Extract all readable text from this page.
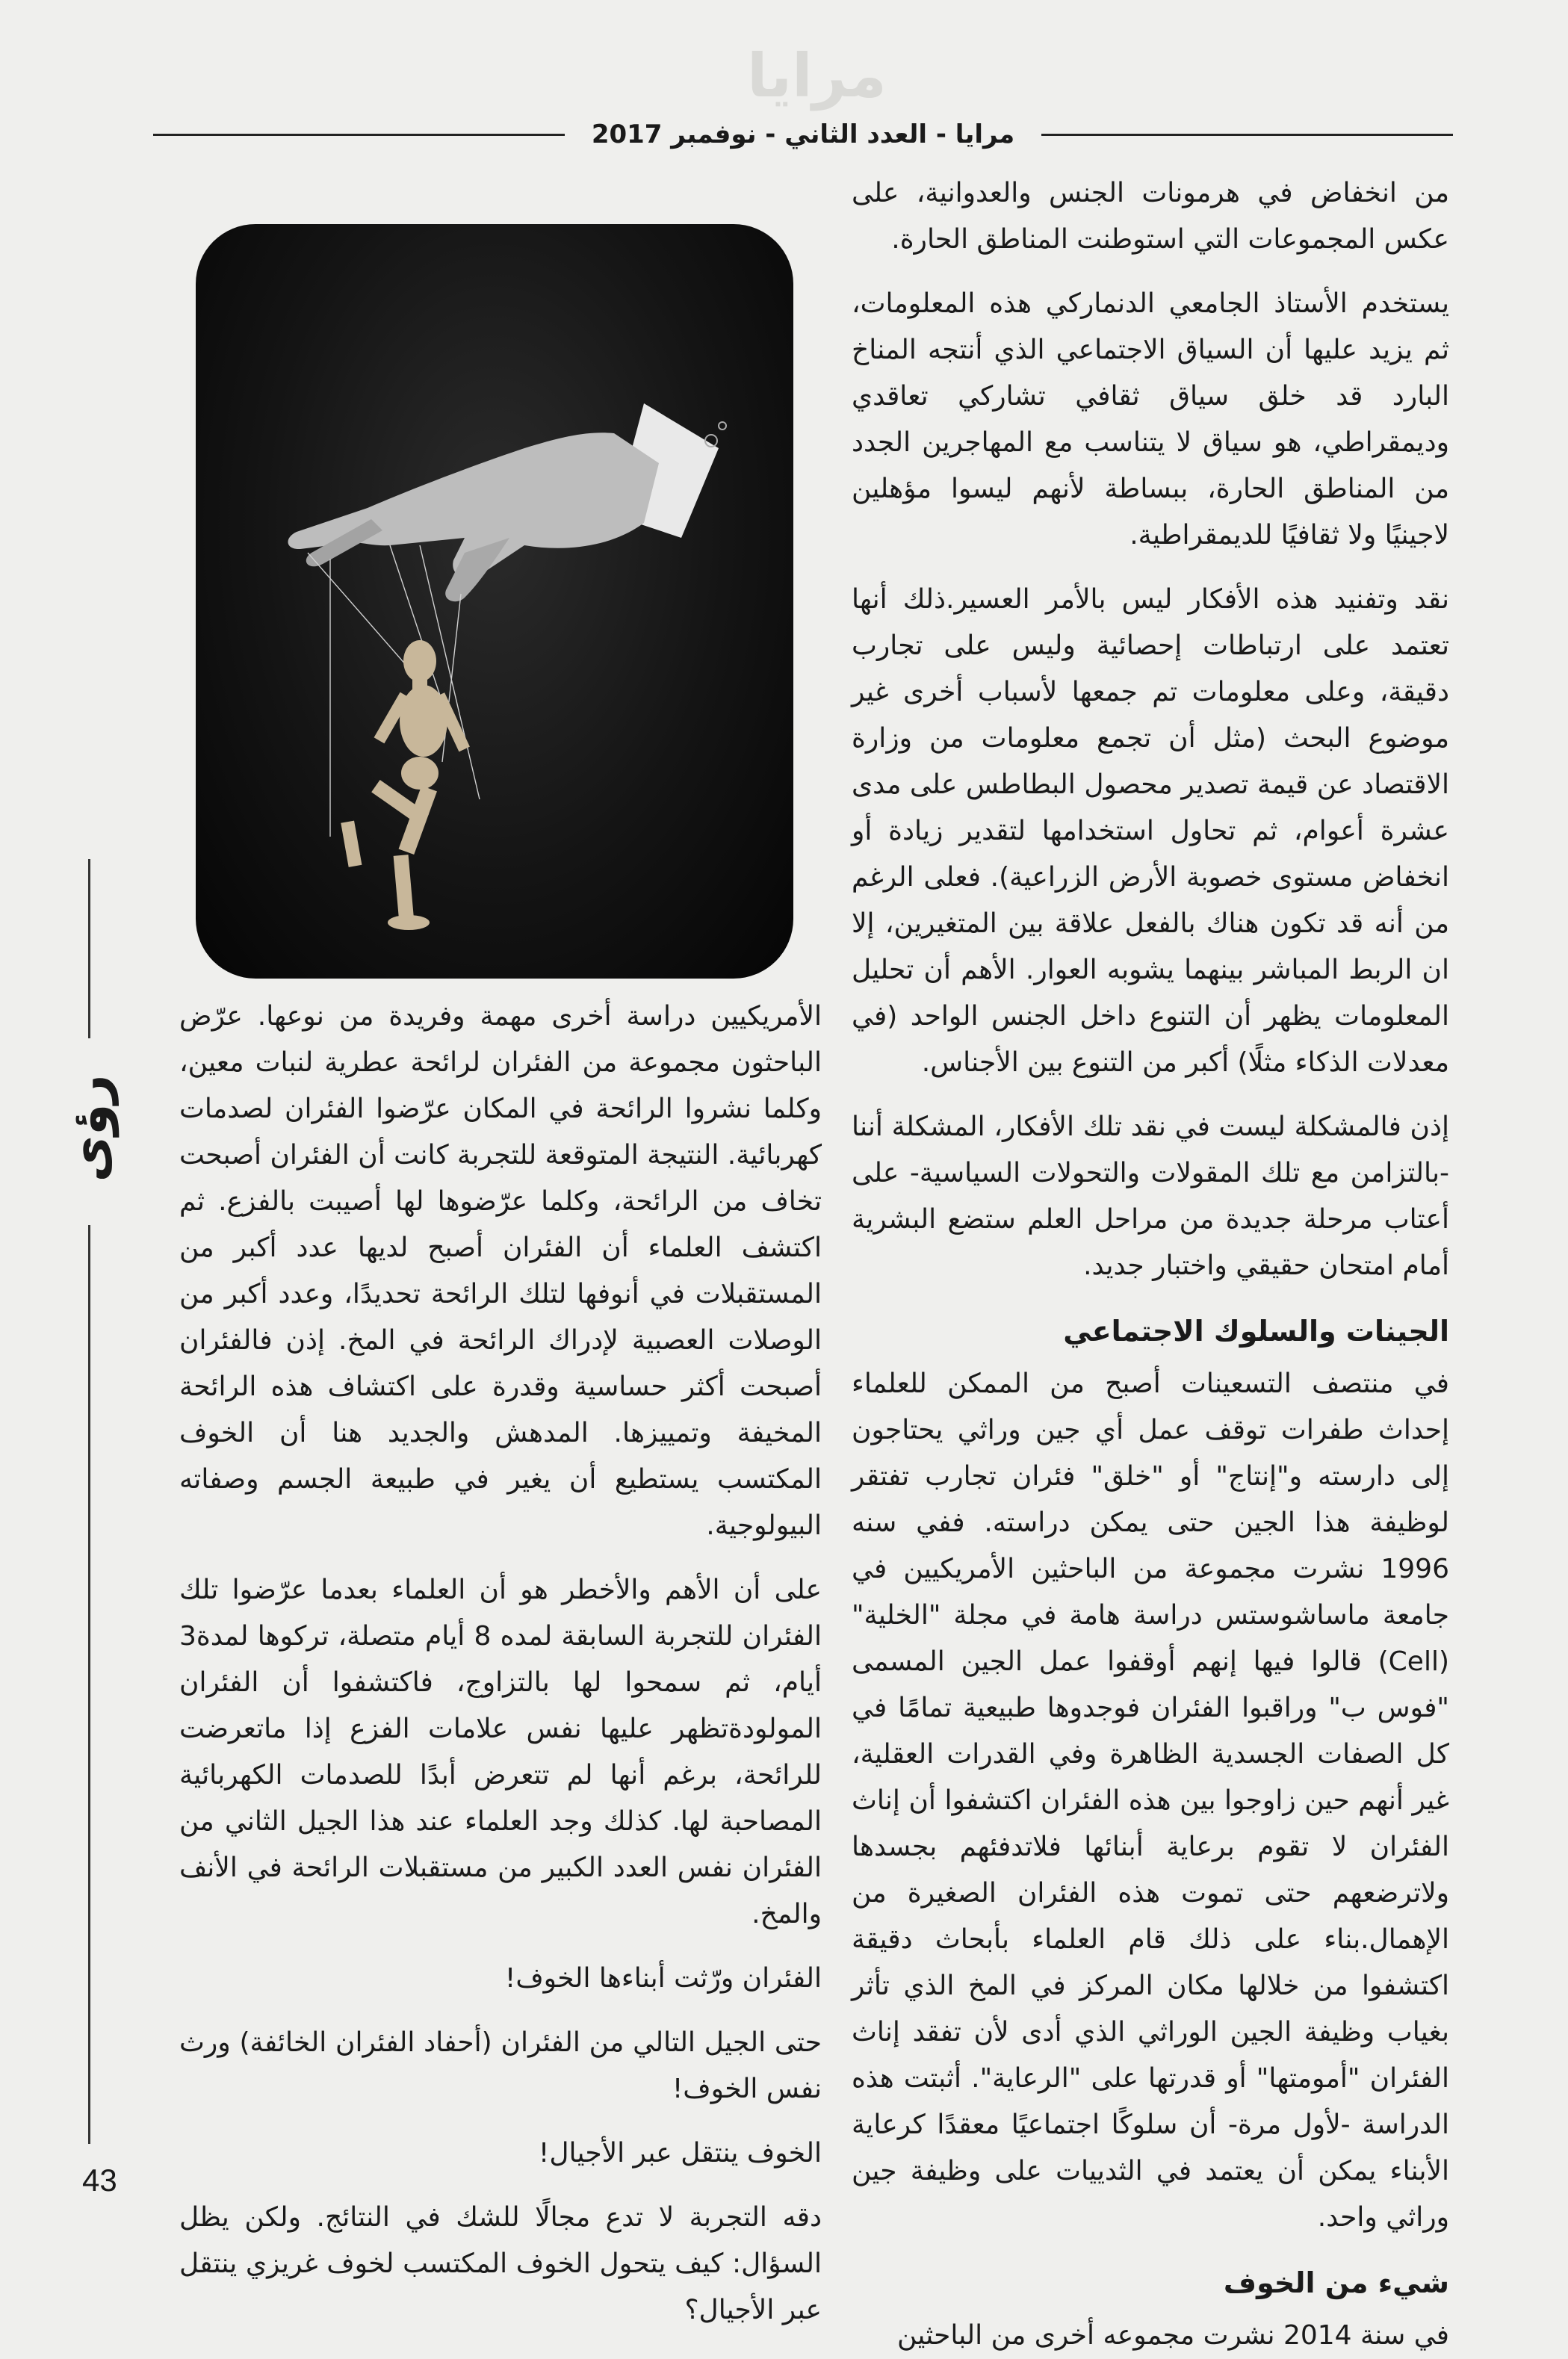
مرايا
مرايا - العدد الثاني - نوفمبر 2017

من انخفاض في هرمونات الجنس والعدوانية، على عكس المجموعات التي استوطنت المناطق الحارة.

يستخدم الأستاذ الجامعي الدنماركي هذه المعلومات، ثم يزيد عليها أن السياق الاجتماعي الذي أنتجه المناخ البارد قد خلق سياق ثقافي تشاركي تعاقدي وديمقراطي، هو سياق لا يتناسب مع المهاجرين الجدد من المناطق الحارة، ببساطة لأنهم ليسوا مؤهلين لاجينيًا ولا ثقافيًا للديمقراطية.

نقد وتفنيد هذه الأفكار ليس بالأمر العسير.ذلك أنها تعتمد على ارتباطات إحصائية وليس على تجارب دقيقة، وعلى معلومات تم جمعها لأسباب أخرى غير موضوع البحث (مثل أن تجمع معلومات من وزارة الاقتصاد عن قيمة تصدير محصول البطاطس على مدى عشرة أعوام، ثم تحاول استخدامها لتقدير زيادة أو انخفاض مستوى خصوبة الأرض الزراعية). فعلى الرغم من أنه قد تكون هناك بالفعل علاقة بين المتغيرين، إلا ان الربط المباشر بينهما يشوبه العوار. الأهم أن تحليل المعلومات يظهر أن التنوع داخل الجنس الواحد (في معدلات الذكاء مثلًا) أكبر من التنوع بين الأجناس.

إذن فالمشكلة ليست في نقد تلك الأفكار، المشكلة أننا -بالتزامن مع تلك المقولات والتحولات السياسية- على أعتاب مرحلة جديدة من مراحل العلم ستضع البشرية أمام امتحان حقيقي واختبار جديد.

الجينات والسلوك الاجتماعي

في منتصف التسعينات أصبح من الممكن للعلماء إحداث طفرات توقف عمل أي جين وراثي يحتاجون إلى دارسته و"إنتاج" أو "خلق" فئران تجارب تفتقر لوظيفة هذا الجين حتى يمكن دراسته. ففي سنه 1996 نشرت مجموعة من الباحثين الأمريكيين في جامعة ماساشوستس دراسة هامة في مجلة "الخلية" (Cell) قالوا فيها إنهم أوقفوا عمل الجين المسمى "فوس ب" وراقبوا الفئران فوجدوها طبيعية تمامًا في كل الصفات الجسدية الظاهرة وفي القدرات العقلية، غير أنهم حين زاوجوا بين هذه الفئران اكتشفوا أن إناث الفئران لا تقوم برعاية أبنائها فلاتدفئهم بجسدها ولاترضعهم حتى تموت هذه الفئران الصغيرة من الإهمال.بناء على ذلك قام العلماء بأبحاث دقيقة اكتشفوا من خلالها مكان المركز في المخ الذي تأثر بغياب وظيفة الجين الوراثي الذي أدى لأن تفقد إناث الفئران "أمومتها" أو قدرتها على "الرعاية". أثبتت هذه الدراسة -لأول مرة- أن سلوكًا اجتماعيًا معقدًا كرعاية الأبناء يمكن أن يعتمد في الثدييات على وظيفة جين وراثي واحد.

شيء من الخوف

في سنة 2014 نشرت مجموعه أخرى من الباحثين

الأمريكيين دراسة أخرى مهمة وفريدة من نوعها. عرّض الباحثون مجموعة من الفئران لرائحة عطرية لنبات معين، وكلما نشروا الرائحة في المكان عرّضوا الفئران لصدمات كهربائية. النتيجة المتوقعة للتجربة كانت أن الفئران أصبحت تخاف من الرائحة، وكلما عرّضوها لها أصيبت بالفزع. ثم اكتشف العلماء أن الفئران أصبح لديها عدد أكبر من المستقبلات في أنوفها لتلك الرائحة تحديدًا، وعدد أكبر من الوصلات العصبية لإدراك الرائحة في المخ. إذن فالفئران أصبحت أكثر حساسية وقدرة على اكتشاف هذه الرائحة المخيفة وتمييزها. المدهش والجديد هنا أن الخوف المكتسب يستطيع أن يغير في طبيعة الجسم وصفاته البيولوجية.

على أن الأهم والأخطر هو أن العلماء بعدما عرّضوا تلك الفئران للتجربة السابقة لمده 8 أيام متصلة، تركوها لمدة3 أيام، ثم سمحوا لها بالتزاوج، فاكتشفوا أن الفئران المولودةتظهر عليها نفس علامات الفزع إذا ماتعرضت للرائحة، برغم أنها لم تتعرض أبدًا للصدمات الكهربائية المصاحبة لها. كذلك وجد العلماء عند هذا الجيل الثاني من الفئران نفس العدد الكبير من مستقبلات الرائحة في الأنف والمخ.

الفئران ورّثت أبناءها الخوف!

حتى الجيل التالي من الفئران (أحفاد الفئران الخائفة) ورث نفس الخوف!

الخوف ينتقل عبر الأجيال!

دقه التجربة لا تدع مجالًا للشك في النتائج. ولكن يظل السؤال: كيف يتحول الخوف المكتسب لخوف غريزي ينتقل عبر الأجيال؟

رؤى
43
